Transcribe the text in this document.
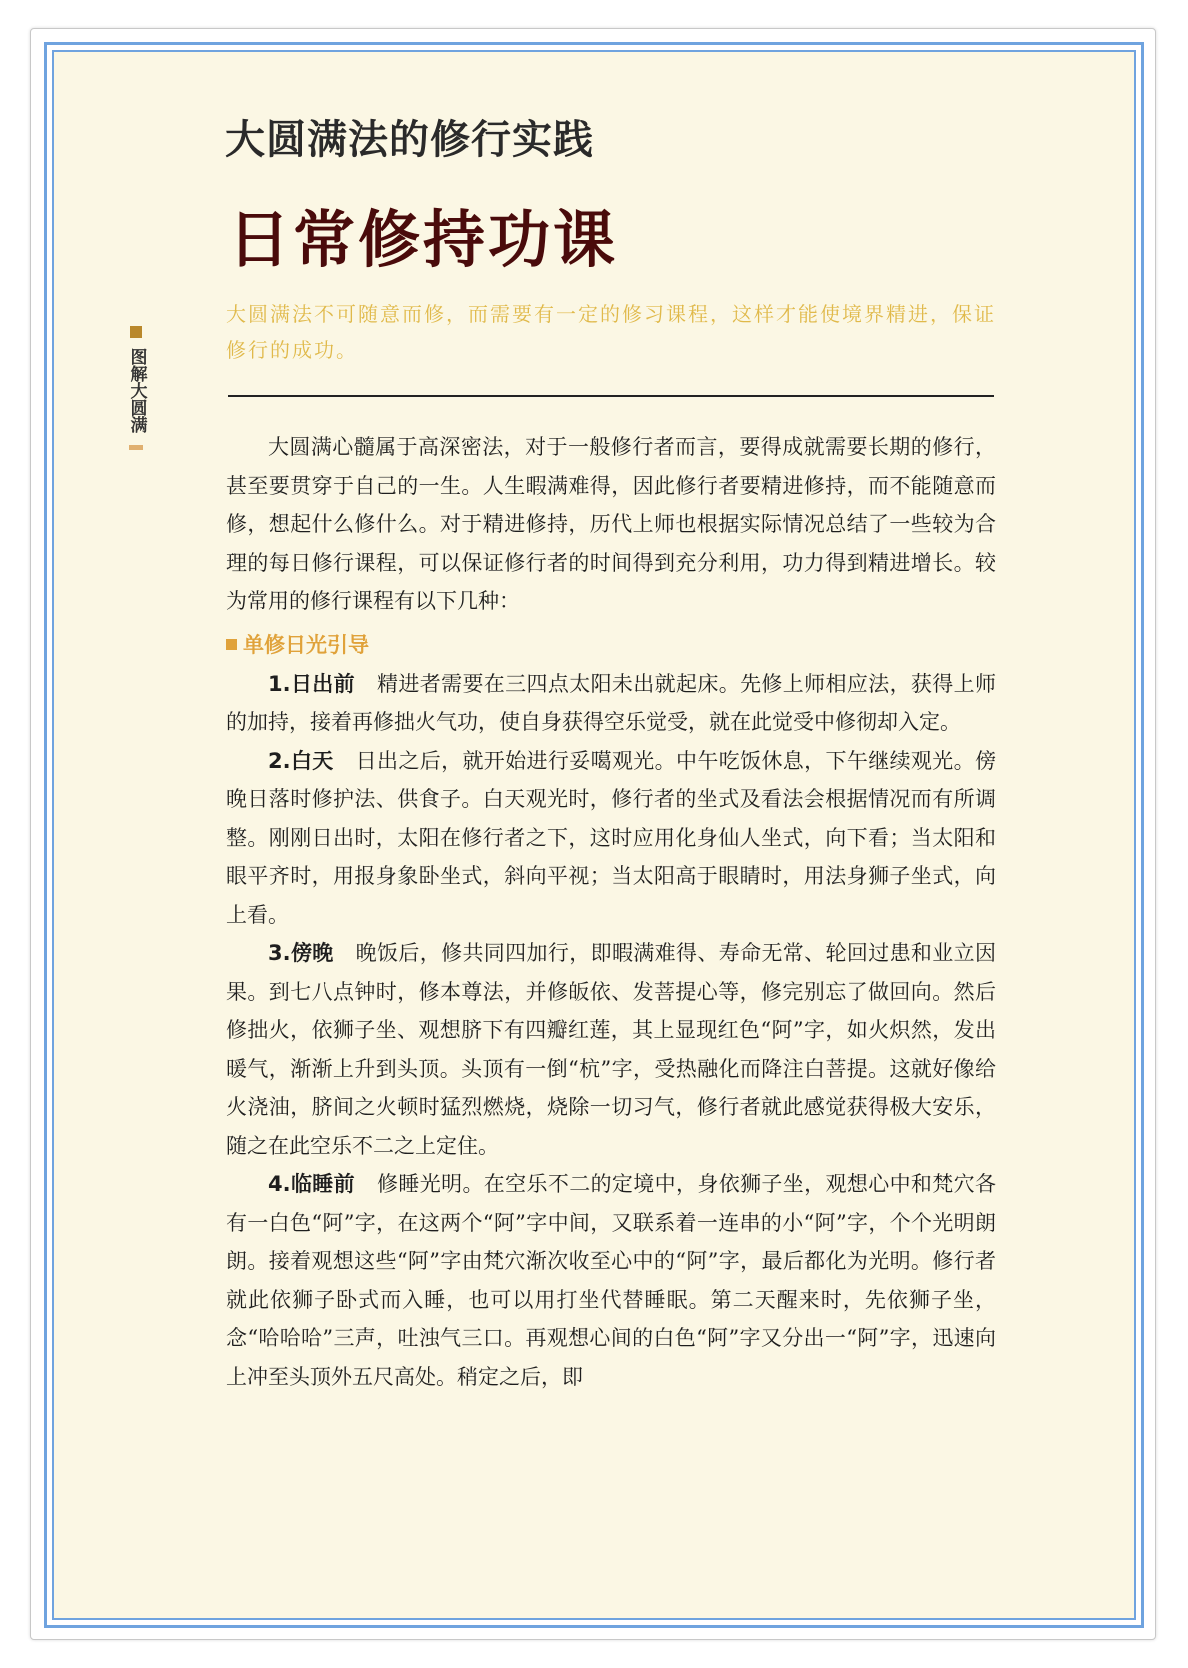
大圆满法的修行实践
日常修持功课
大圆满法不可随意而修，而需要有一定的修习课程，这样才能使境界精进，保证修行的成功。
图解大圆满

大圆满心髓属于高深密法，对于一般修行者而言，要得成就需要长期的修行，甚至要贯穿于自己的一生。人生暇满难得，因此修行者要精进修持，而不能随意而修，想起什么修什么。对于精进修持，历代上师也根据实际情况总结了一些较为合理的每日修行课程，可以保证修行者的时间得到充分利用，功力得到精进增长。较为常用的修行课程有以下几种：

单修日光引导

1.日出前 精进者需要在三四点太阳未出就起床。先修上师相应法，获得上师的加持，接着再修拙火气功，使自身获得空乐觉受，就在此觉受中修彻却入定。

2.白天 日出之后，就开始进行妥噶观光。中午吃饭休息，下午继续观光。傍晚日落时修护法、供食子。白天观光时，修行者的坐式及看法会根据情况而有所调整。刚刚日出时，太阳在修行者之下，这时应用化身仙人坐式，向下看；当太阳和眼平齐时，用报身象卧坐式，斜向平视；当太阳高于眼睛时，用法身狮子坐式，向上看。

3.傍晚 晚饭后，修共同四加行，即暇满难得、寿命无常、轮回过患和业立因果。到七八点钟时，修本尊法，并修皈依、发菩提心等，修完别忘了做回向。然后修拙火，依狮子坐、观想脐下有四瓣红莲，其上显现红色“阿”字，如火炽然，发出暖气，渐渐上升到头顶。头顶有一倒“杭”字，受热融化而降注白菩提。这就好像给火浇油，脐间之火顿时猛烈燃烧，烧除一切习气，修行者就此感觉获得极大安乐，随之在此空乐不二之上定住。

4.临睡前 修睡光明。在空乐不二的定境中，身依狮子坐，观想心中和梵穴各有一白色“阿”字，在这两个“阿”字中间，又联系着一连串的小“阿”字，个个光明朗朗。接着观想这些“阿”字由梵穴渐次收至心中的“阿”字，最后都化为光明。修行者就此依狮子卧式而入睡，也可以用打坐代替睡眠。第二天醒来时，先依狮子坐，念“哈哈哈”三声，吐浊气三口。再观想心间的白色“阿”字又分出一“阿”字，迅速向上冲至头顶外五尺高处。稍定之后，即
